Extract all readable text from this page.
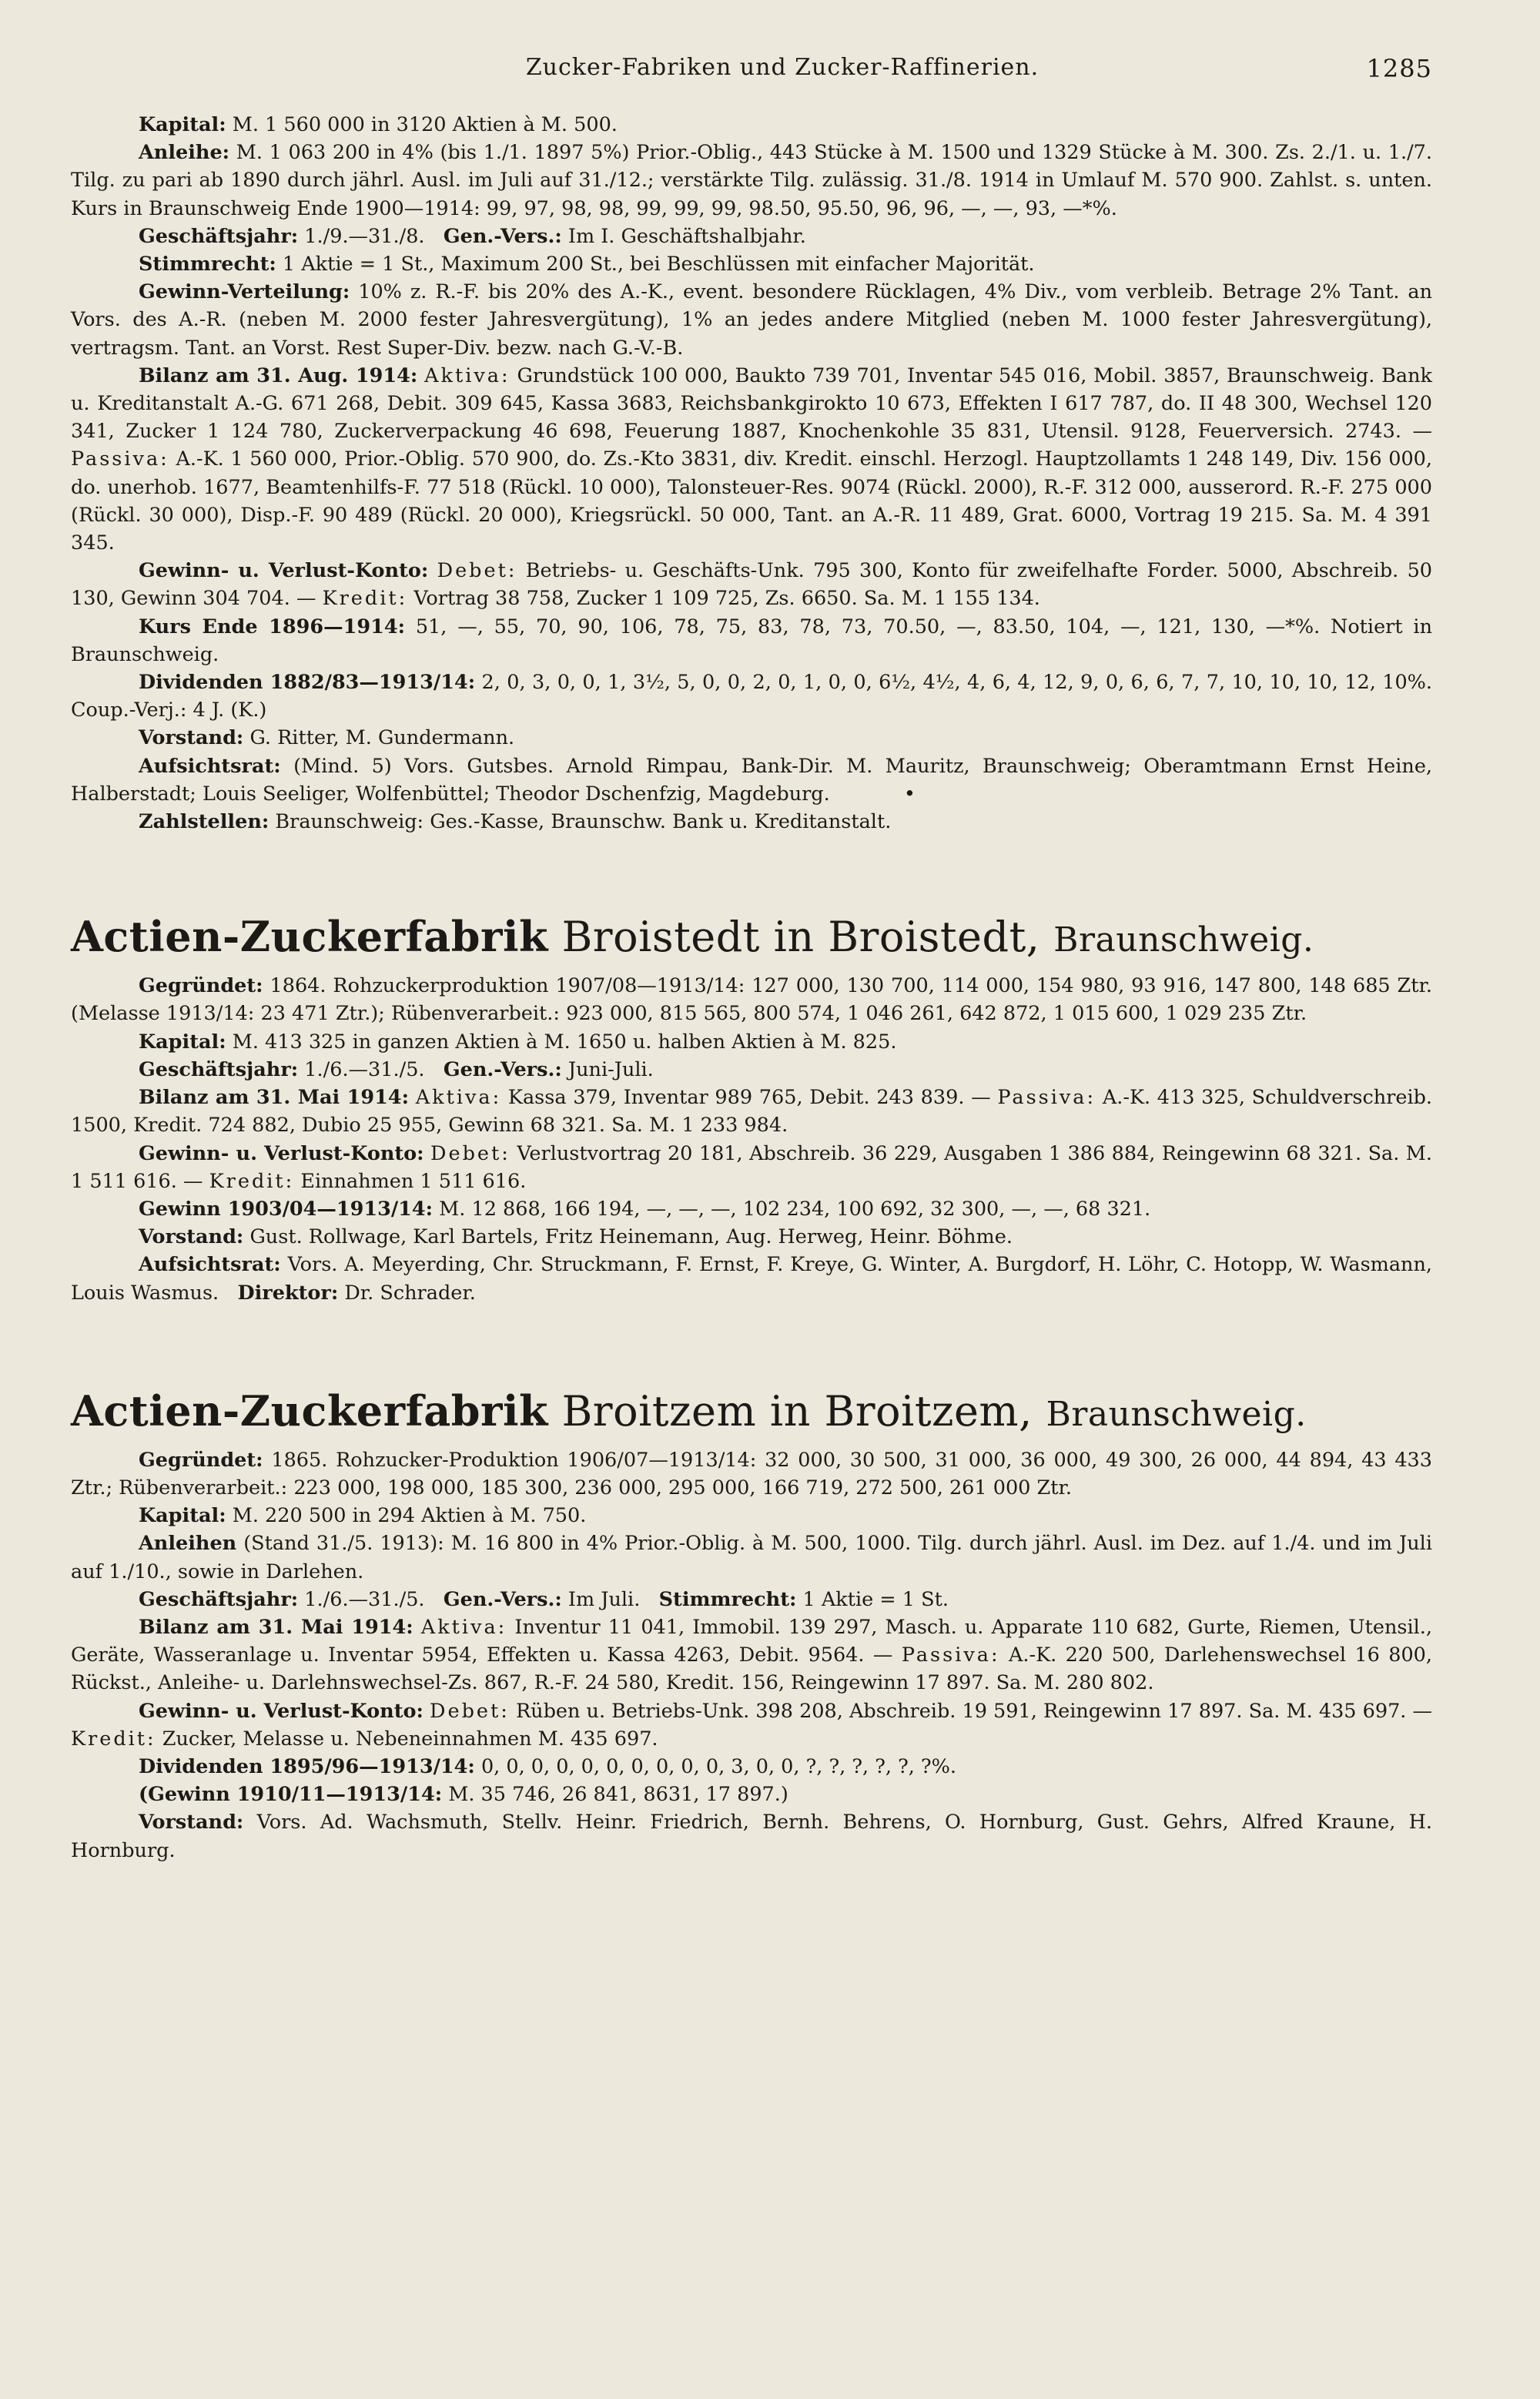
Zucker-Fabriken und Zucker-Raffinerien.	1285

Kapital: M. 1 560 000 in 3120 Aktien à M. 500.

Anleihe: M. 1 063 200 in 4% (bis 1./1. 1897 5%) Prior.-Oblig., 443 Stücke à M. 1500 und 1329 Stücke à M. 300. Zs. 2./1. u. 1./7. Tilg. zu pari ab 1890 durch jährl. Ausl. im Juli auf 31./12.; verstärkte Tilg. zulässig. 31./8. 1914 in Umlauf M. 570 900. Zahlst. s. unten. Kurs in Braunschweig Ende 1900—1914: 99, 97, 98, 98, 99, 99, 99, 98.50, 95.50, 96, 96, —, —, 93, —*%.

Geschäftsjahr: 1./9.—31./8. Gen.-Vers.: Im I. Geschäftshalbjahr.

Stimmrecht: 1 Aktie = 1 St., Maximum 200 St., bei Beschlüssen mit einfacher Majorität.

Gewinn-Verteilung: 10% z. R.-F. bis 20% des A.-K., event. besondere Rücklagen, 4% Div., vom verbleib. Betrage 2% Tant. an Vors. des A.-R. (neben M. 2000 fester Jahresvergütung), 1% an jedes andere Mitglied (neben M. 1000 fester Jahresvergütung), vertragsm. Tant. an Vorst. Rest Super-Div. bezw. nach G.-V.-B.

Bilanz am 31. Aug. 1914: Aktiva: Grundstück 100 000, Baukto 739 701, Inventar 545 016, Mobil. 3857, Braunschweig. Bank u. Kreditanstalt A.-G. 671 268, Debit. 309 645, Kassa 3683, Reichsbankgirokto 10 673, Effekten I 617 787, do. II 48 300, Wechsel 120 341, Zucker 1 124 780, Zuckerverpackung 46 698, Feuerung 1887, Knochenkohle 35 831, Utensil. 9128, Feuerversich. 2743. — Passiva: A.-K. 1 560 000, Prior.-Oblig. 570 900, do. Zs.-Kto 3831, div. Kredit. einschl. Herzogl. Hauptzollamts 1 248 149, Div. 156 000, do. unerhob. 1677, Beamtenhilfs-F. 77 518 (Rückl. 10 000), Talonsteuer-Res. 9074 (Rückl. 2000), R.-F. 312 000, ausserord. R.-F. 275 000 (Rückl. 30 000), Disp.-F. 90 489 (Rückl. 20 000), Kriegsrückl. 50 000, Tant. an A.-R. 11 489, Grat. 6000, Vortrag 19 215. Sa. M. 4 391 345.

Gewinn- u. Verlust-Konto: Debet: Betriebs- u. Geschäfts-Unk. 795 300, Konto für zweifelhafte Forder. 5000, Abschreib. 50 130, Gewinn 304 704. — Kredit: Vortrag 38 758, Zucker 1 109 725, Zs. 6650. Sa. M. 1 155 134.

Kurs Ende 1896—1914: 51, —, 55, 70, 90, 106, 78, 75, 83, 78, 73, 70.50, —, 83.50, 104, —, 121, 130, —*%. Notiert in Braunschweig.

Dividenden 1882/83—1913/14: 2, 0, 3, 0, 0, 1, 3½, 5, 0, 0, 2, 0, 1, 0, 0, 6½, 4½, 4, 6, 4, 12, 9, 0, 6, 6, 7, 7, 10, 10, 10, 12, 10%. Coup.-Verj.: 4 J. (K.)

Vorstand: G. Ritter, M. Gundermann.

Aufsichtsrat: (Mind. 5) Vors. Gutsbes. Arnold Rimpau, Bank-Dir. M. Mauritz, Braunschweig; Oberamtmann Ernst Heine, Halberstadt; Louis Seeliger, Wolfenbüttel; Theodor Dschenfzig, Magdeburg.	•

Zahlstellen: Braunschweig: Ges.-Kasse, Braunschw. Bank u. Kreditanstalt.

Actien-Zuckerfabrik Broistedt in Broistedt, Braunschweig.

Gegründet: 1864. Rohzuckerproduktion 1907/08—1913/14: 127 000, 130 700, 114 000, 154 980, 93 916, 147 800, 148 685 Ztr. (Melasse 1913/14: 23 471 Ztr.); Rübenverarbeit.: 923 000, 815 565, 800 574, 1 046 261, 642 872, 1 015 600, 1 029 235 Ztr.

Kapital: M. 413 325 in ganzen Aktien à M. 1650 u. halben Aktien à M. 825.

Geschäftsjahr: 1./6.—31./5. Gen.-Vers.: Juni-Juli.

Bilanz am 31. Mai 1914: Aktiva: Kassa 379, Inventar 989 765, Debit. 243 839. — Passiva: A.-K. 413 325, Schuldverschreib. 1500, Kredit. 724 882, Dubio 25 955, Gewinn 68 321. Sa. M. 1 233 984.

Gewinn- u. Verlust-Konto: Debet: Verlustvortrag 20 181, Abschreib. 36 229, Ausgaben 1 386 884, Reingewinn 68 321. Sa. M. 1 511 616. — Kredit: Einnahmen 1 511 616.

Gewinn 1903/04—1913/14: M. 12 868, 166 194, —, —, —, 102 234, 100 692, 32 300, —, —, 68 321.

Vorstand: Gust. Rollwage, Karl Bartels, Fritz Heinemann, Aug. Herweg, Heinr. Böhme.

Aufsichtsrat: Vors. A. Meyerding, Chr. Struckmann, F. Ernst, F. Kreye, G. Winter, A. Burgdorf, H. Löhr, C. Hotopp, W. Wasmann, Louis Wasmus. Direktor: Dr. Schrader.

Actien-Zuckerfabrik Broitzem in Broitzem, Braunschweig.

Gegründet: 1865. Rohzucker-Produktion 1906/07—1913/14: 32 000, 30 500, 31 000, 36 000, 49 300, 26 000, 44 894, 43 433 Ztr.; Rübenverarbeit.: 223 000, 198 000, 185 300, 236 000, 295 000, 166 719, 272 500, 261 000 Ztr.

Kapital: M. 220 500 in 294 Aktien à M. 750.

Anleihen (Stand 31./5. 1913): M. 16 800 in 4% Prior.-Oblig. à M. 500, 1000. Tilg. durch jährl. Ausl. im Dez. auf 1./4. und im Juli auf 1./10., sowie in Darlehen.

Geschäftsjahr: 1./6.—31./5. Gen.-Vers.: Im Juli. Stimmrecht: 1 Aktie = 1 St.

Bilanz am 31. Mai 1914: Aktiva: Inventur 11 041, Immobil. 139 297, Masch. u. Apparate 110 682, Gurte, Riemen, Utensil., Geräte, Wasseranlage u. Inventar 5954, Effekten u. Kassa 4263, Debit. 9564. — Passiva: A.-K. 220 500, Darlehenswechsel 16 800, Rückst., Anleihe- u. Darlehnswechsel-Zs. 867, R.-F. 24 580, Kredit. 156, Reingewinn 17 897. Sa. M. 280 802.

Gewinn- u. Verlust-Konto: Debet: Rüben u. Betriebs-Unk. 398 208, Abschreib. 19 591, Reingewinn 17 897. Sa. M. 435 697. — Kredit: Zucker, Melasse u. Nebeneinnahmen M. 435 697.

Dividenden 1895/96—1913/14: 0, 0, 0, 0, 0, 0, 0, 0, 0, 0, 3, 0, 0, ?, ?, ?, ?, ?, ?%.

(Gewinn 1910/11—1913/14: M. 35 746, 26 841, 8631, 17 897.)

Vorstand: Vors. Ad. Wachsmuth, Stellv. Heinr. Friedrich, Bernh. Behrens, O. Hornburg, Gust. Gehrs, Alfred Kraune, H. Hornburg.
